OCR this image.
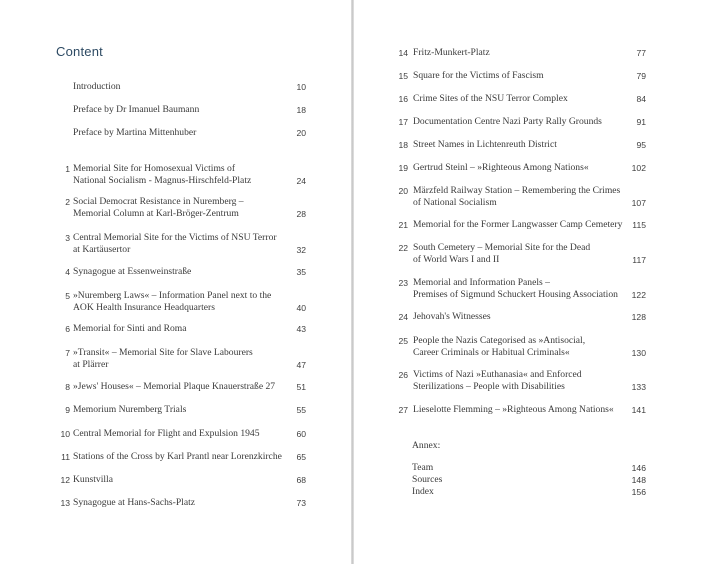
Content
Introduction	10
Preface by Dr Imanuel Baumann	18
Preface by Martina Mittenhuber	20
1 Memorial Site for Homosexual Victims of
National Socialism - Magnus-Hirschfeld-Platz	24
2 Social Democrat Resistance in Nuremberg –
Memorial Column at Karl-Bröger-Zentrum	28
3 Central Memorial Site for the Victims of NSU Terror
at Kartäusertor	32
4 Synagogue at Essenweinstraße	35
5 »Nuremberg Laws« – Information Panel next to the
AOK Health Insurance Headquarters	40
6 Memorial for Sinti and Roma	43
7 »Transit« – Memorial Site for Slave Labourers
at Plärrer	47
8 »Jews' Houses« – Memorial Plaque Knauerstraße 27	51
9 Memorium Nuremberg Trials	55
10 Central Memorial for Flight and Expulsion 1945	60
11 Stations of the Cross by Karl Prantl near Lorenzkirche	65
12 Kunstvilla	68
13 Synagogue at Hans-Sachs-Platz	73
14 Fritz-Munkert-Platz	77
15 Square for the Victims of Fascism	79
16 Crime Sites of the NSU Terror Complex	84
17 Documentation Centre Nazi Party Rally Grounds	91
18 Street Names in Lichtenreuth District	95
19 Gertrud Steinl – »Righteous Among Nations«	102
20 Märzfeld Railway Station – Remembering the Crimes
of National Socialism	107
21 Memorial for the Former Langwasser Camp Cemetery	115
22 South Cemetery – Memorial Site for the Dead
of World Wars I and II	117
23 Memorial and Information Panels –
Premises of Sigmund Schuckert Housing Association	122
24 Jehovah's Witnesses	128
25 People the Nazis Categorised as »Antisocial,
Career Criminals or Habitual Criminals«	130
26 Victims of Nazi »Euthanasia« and Enforced
Sterilizations – People with Disabilities	133
27 Lieselotte Flemming – »Righteous Among Nations«	141
Annex:
Team	146
Sources	148
Index	156
